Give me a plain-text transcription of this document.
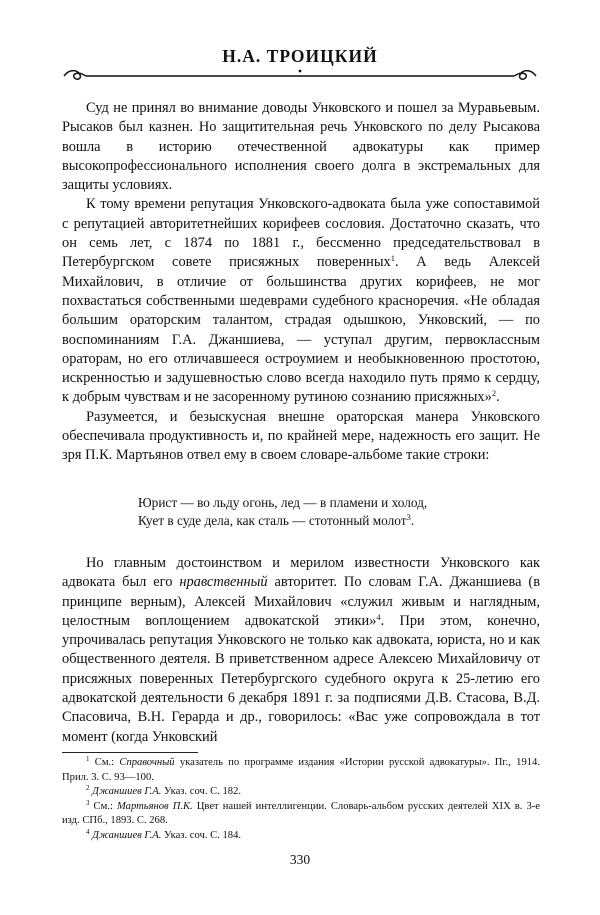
Н.А. ТРОИЦКИЙ

Суд не принял во внимание доводы Унковского и пошел за Муравьевым. Рысаков был казнен. Но защитительная речь Унковского по делу Рысакова вошла в историю отечественной адвокатуры как пример высокопрофессионального исполнения своего долга в экстремальных для защиты условиях.

К тому времени репутация Унковского-адвоката была уже сопоставимой с репутацией авторитетнейших корифеев сословия. Достаточно сказать, что он семь лет, с 1874 по 1881 г., бессменно председательствовал в Петербургском совете присяжных поверенных$^1$. А ведь Алексей Михайлович, в отличие от большинства других корифеев, не мог похвастаться собственными шедеврами судебного красноречия. «Не обладая большим ораторским талантом, страдая одышкою, Унковский, — по воспоминаниям Г.А. Джаншиева, — уступал другим, первоклассным ораторам, но его отличавшееся остроумием и необыкновенною простотою, искренностью и задушевностью слово всегда находило путь прямо к сердцу, к добрым чувствам и не засоренному рутиною сознанию присяжных»$^2$.

Разумеется, и безыскусная внешне ораторская манера Унковского обеспечивала продуктивность и, по крайней мере, надежность его защит. Не зря П.К. Мартьянов отвел ему в своем словаре-альбоме такие строки:

Юрист — во льду огонь, лед — в пламени и холод,
Кует в суде дела, как сталь — стотонный молот$^3$.

Но главным достоинством и мерилом известности Унковского как адвоката был его нравственный авторитет. По словам Г.А. Джаншиева (в принципе верным), Алексей Михайлович «служил живым и наглядным, целостным воплощением адвокатской этики»$^4$. При этом, конечно, упрочивалась репутация Унковского не только как адвоката, юриста, но и как общественного деятеля. В приветственном адресе Алексею Михайловичу от присяжных поверенных Петербургского судебного округа к 25-летию его адвокатской деятельности 6 декабря 1891 г. за подписями Д.В. Стасова, В.Д. Спасовича, В.Н. Герарда и др., говорилось: «Вас уже сопровождала в тот момент (когда Унковский

$^1$ См.: Справочный указатель по программе издания «Истории русской адвокатуры». Пг., 1914. Прил. 3. С. 93—100.

$^2$ Джаншиев Г.А. Указ. соч. С. 182.

$^3$ См.: Мартьянов П.К. Цвет нашей интеллигенции. Словарь-альбом русских деятелей XIX в. 3-е изд. СПб., 1893. С. 268.

$^4$ Джаншиев Г.А. Указ. соч. С. 184.

330
